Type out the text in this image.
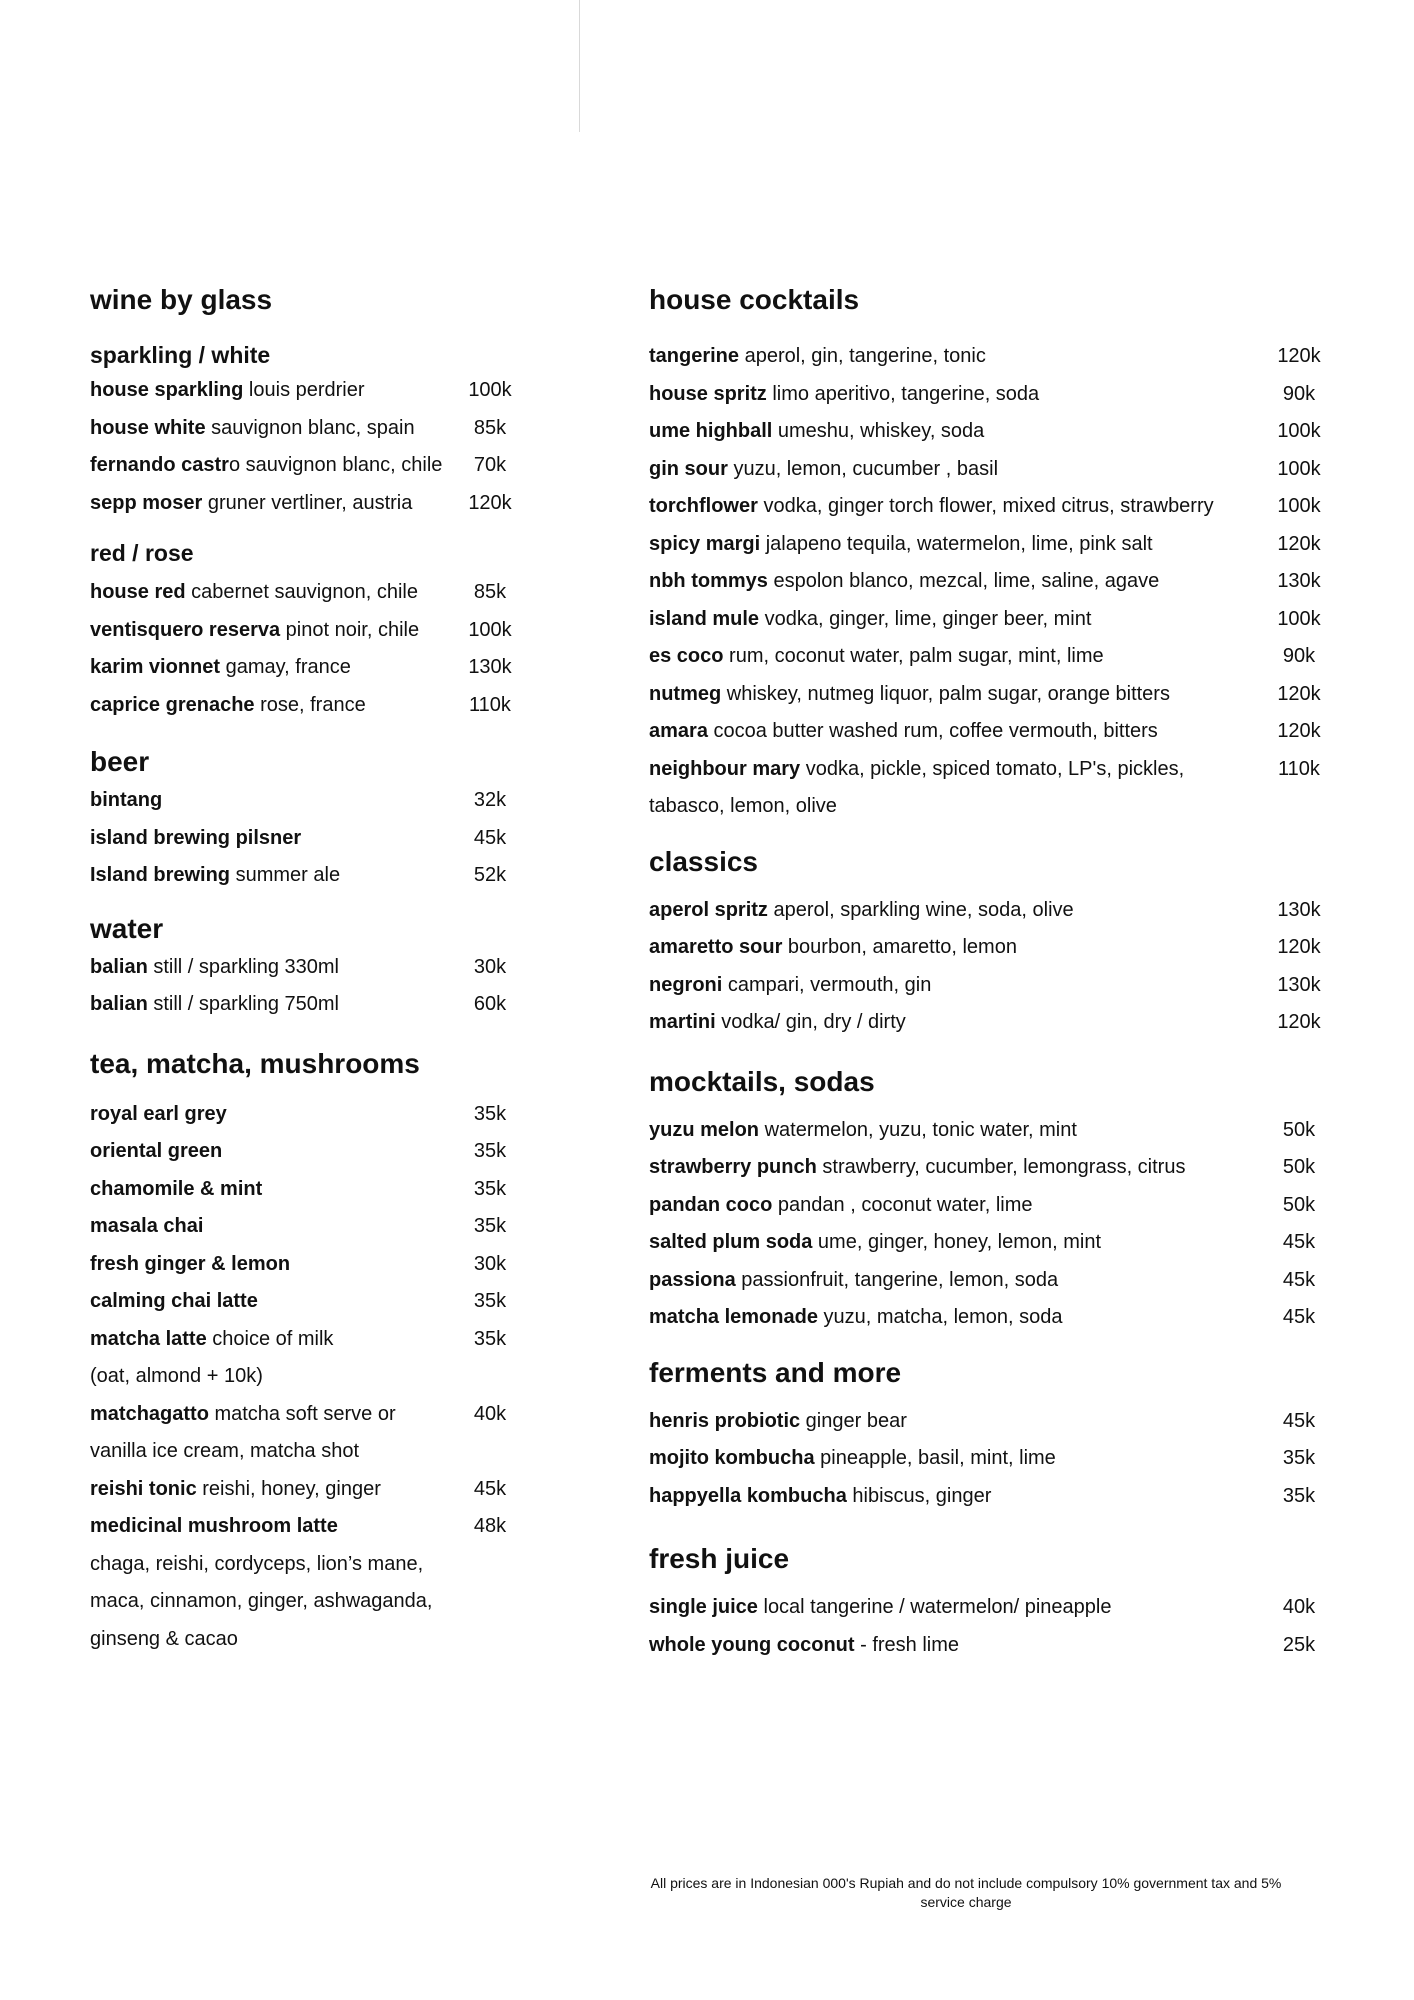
wine by glass
sparkling / white
house sparkling louis perdrier	100k
house white sauvignon blanc, spain	85k
fernando castro sauvignon blanc, chile	70k
sepp moser gruner vertliner, austria	120k
red / rose
house red cabernet sauvignon, chile	85k
ventisquero reserva pinot noir, chile	100k
karim vionnet gamay, france	130k
caprice grenache rose, france	110k
beer
bintang	32k
island brewing pilsner	45k
Island brewing summer ale	52k
water
balian still / sparkling 330ml	30k
balian still / sparkling 750ml	60k
tea, matcha, mushrooms
royal earl grey	35k
oriental green	35k
chamomile & mint	35k
masala chai	35k
fresh ginger & lemon	30k
calming chai latte	35k
matcha latte choice of milk	35k
(oat, almond + 10k)
matchagatto matcha soft serve or	40k
vanilla ice cream, matcha shot
reishi tonic reishi, honey, ginger	45k
medicinal mushroom latte	48k
chaga, reishi, cordyceps, lion’s mane,
maca, cinnamon, ginger, ashwaganda,
ginseng & cacao
house cocktails
tangerine aperol, gin, tangerine, tonic	120k
house spritz limo aperitivo, tangerine, soda	90k
ume highball umeshu, whiskey, soda	100k
gin sour yuzu, lemon, cucumber , basil	100k
torchflower vodka, ginger torch flower, mixed citrus, strawberry	100k
spicy margi jalapeno tequila, watermelon, lime, pink salt	120k
nbh tommys espolon blanco, mezcal, lime, saline, agave	130k
island mule vodka, ginger, lime, ginger beer, mint	100k
es coco rum, coconut water, palm sugar, mint, lime	90k
nutmeg whiskey, nutmeg liquor, palm sugar, orange bitters	120k
amara cocoa butter washed rum, coffee vermouth, bitters	120k
neighbour mary vodka, pickle, spiced tomato, LP's, pickles,	110k
tabasco, lemon, olive
classics
aperol spritz aperol, sparkling wine, soda, olive	130k
amaretto sour bourbon, amaretto, lemon	120k
negroni campari, vermouth, gin	130k
martini vodka/ gin, dry / dirty	120k
mocktails, sodas
yuzu melon watermelon, yuzu, tonic water, mint	50k
strawberry punch strawberry, cucumber, lemongrass, citrus	50k
pandan coco pandan , coconut water, lime	50k
salted plum soda ume, ginger, honey, lemon, mint	45k
passiona passionfruit, tangerine, lemon, soda	45k
matcha lemonade yuzu, matcha, lemon, soda	45k
ferments and more
henris probiotic ginger bear	45k
mojito kombucha pineapple, basil, mint, lime	35k
happyella kombucha hibiscus, ginger	35k
fresh juice
single juice local tangerine / watermelon/ pineapple	40k
whole young coconut - fresh lime	25k
All prices are in Indonesian 000's Rupiah and do not include compulsory 10% government tax and 5% service charge
